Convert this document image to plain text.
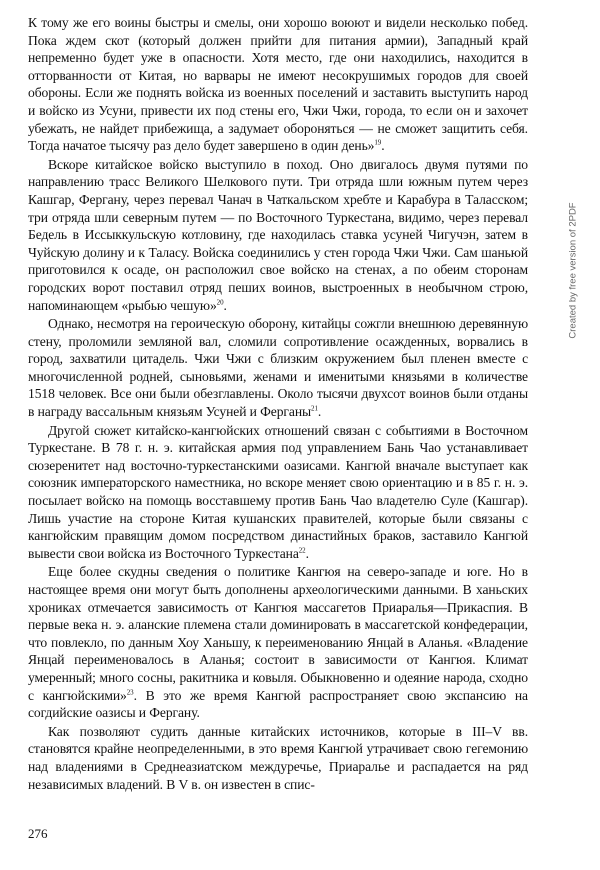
К тому же его воины быстры и смелы, они хорошо воюют и видели несколько побед. Пока ждем скот (который должен прийти для питания армии), Западный край непременно будет уже в опасности. Хотя место, где они находились, находится в отторванности от Китая, но варвары не имеют несокрушимых городов для своей обороны. Если же поднять войска из военных поселений и заставить выступить народ и войско из Усуни, привести их под стены его, Чжи Чжи, города, то если он и захочет убежать, не найдет прибежища, а задумает обороняться — не сможет защитить себя. Тогда начатое тысячу раз дело будет завершено в один день»$^{19}$.

Вскоре китайское войско выступило в поход. Оно двигалось двумя путями по направлению трасс Великого Шелкового пути. Три отряда шли южным путем через Кашгар, Фергану, через перевал Чанач в Чаткальском хребте и Карабура в Таласском; три отряда шли северным путем — по Восточного Туркестана, видимо, через перевал Бедель в Иссыккульскую котловину, где находилась ставка усуней Чигучэн, затем в Чуйскую долину и к Таласу. Войска соединились у стен города Чжи Чжи. Сам шаньюй приготовился к осаде, он расположил свое войско на стенах, а по обеим сторонам городских ворот поставил отряд пеших воинов, выстроенных в необычном строю, напоминающем «рыбью чешую»$^{20}$.

Однако, несмотря на героическую оборону, китайцы сожгли внешнюю деревянную стену, проломили земляной вал, сломили сопротивление осажденных, ворвались в город, захватили цитадель. Чжи Чжи с близким окружением был пленен вместе с многочисленной родней, сыновьями, женами и именитыми князьями в количестве 1518 человек. Все они были обезглавлены. Около тысячи двухсот воинов были отданы в награду вассальным князьям Усуней и Ферганы$^{21}$.

Другой сюжет китайско-кангюйских отношений связан с событиями в Восточном Туркестане. В 78 г. н. э. китайская армия под управлением Бань Чао устанавливает сюзеренитет над восточно-туркестанскими оазисами. Кангюй вначале выступает как союзник императорского наместника, но вскоре меняет свою ориентацию и в 85 г. н. э. посылает войско на помощь восставшему против Бань Чао владетелю Суле (Кашгар). Лишь участие на стороне Китая кушанских правителей, которые были связаны с кангюйским правящим домом посредством династийных браков, заставило Кангюй вывести свои войска из Восточного Туркестана$^{22}$.

Еще более скудны сведения о политике Кангюя на северо-западе и юге. Но в настоящее время они могут быть дополнены археологическими данными. В ханьских хрониках отмечается зависимость от Кангюя массагетов Приаралья—Прикаспия. В первые века н. э. аланские племена стали доминировать в массагетской конфедерации, что повлекло, по данным Хоу Ханьшу, к переименованию Янцай в Аланья. «Владение Янцай переименовалось в Аланья; состоит в зависимости от Кангюя. Климат умеренный; много сосны, ракитника и ковыля. Обыкновенно и одеяние народа, сходно с кангюйскими»$^{23}$. В это же время Кангюй распространяет свою экспансию на согдийские оазисы и Фергану.

Как позволяют судить данные китайских источников, которые в III–V вв. становятся крайне неопределенными, в это время Кангюй утрачивает свою гегемонию над владениями в Среднеазиатском междуречье, Приаралье и распадается на ряд независимых владений. В V в. он известен в спис-

276
Created by free version of 2PDF
